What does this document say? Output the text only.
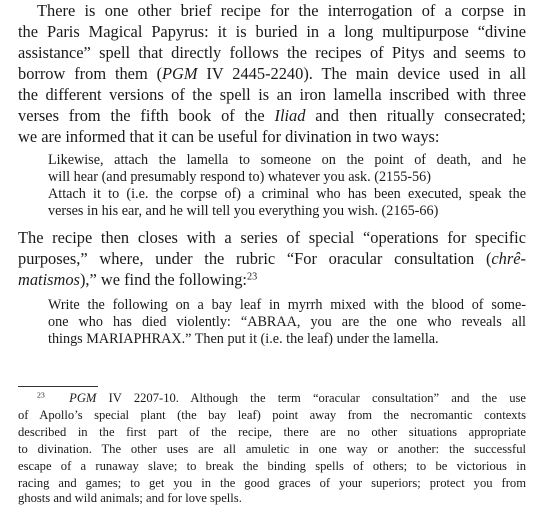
There is one other brief recipe for the interrogation of a corpse in
the Paris Magical Papyrus: it is buried in a long multipurpose “divine
assistance” spell that directly follows the recipes of Pitys and seems to
borrow from them (PGM IV 2445-2240). The main device used in all
the different versions of the spell is an iron lamella inscribed with three
verses from the fifth book of the Iliad and then ritually consecrated;
we are informed that it can be useful for divination in two ways:
Likewise, attach the lamella to someone on the point of death, and he
will hear (and presumably respond to) whatever you ask. (2155-56)
Attach it to (i.e. the corpse of) a criminal who has been executed, speak the
verses in his ear, and he will tell you everything you wish. (2165-66)
The recipe then closes with a series of special “operations for specific
purposes,” where, under the rubric “For oracular consultation (chrê-
matismos),” we find the following:$^{23}$
Write the following on a bay leaf in myrrh mixed with the blood of some-
one who has died violently: “ABRAA, you are the one who reveals all
things MARIAPHRAX.” Then put it (i.e. the leaf) under the lamella.
$^{23}$ PGM IV 2207-10. Although the term “oracular consultation” and the use
of Apollo’s special plant (the bay leaf) point away from the necromantic contexts
described in the first part of the recipe, there are no other situations appropriate
to divination. The other uses are all amuletic in one way or another: the successful
escape of a runaway slave; to break the binding spells of others; to be victorious in
racing and games; to get you in the good graces of your superiors; protect you from
ghosts and wild animals; and for love spells.
